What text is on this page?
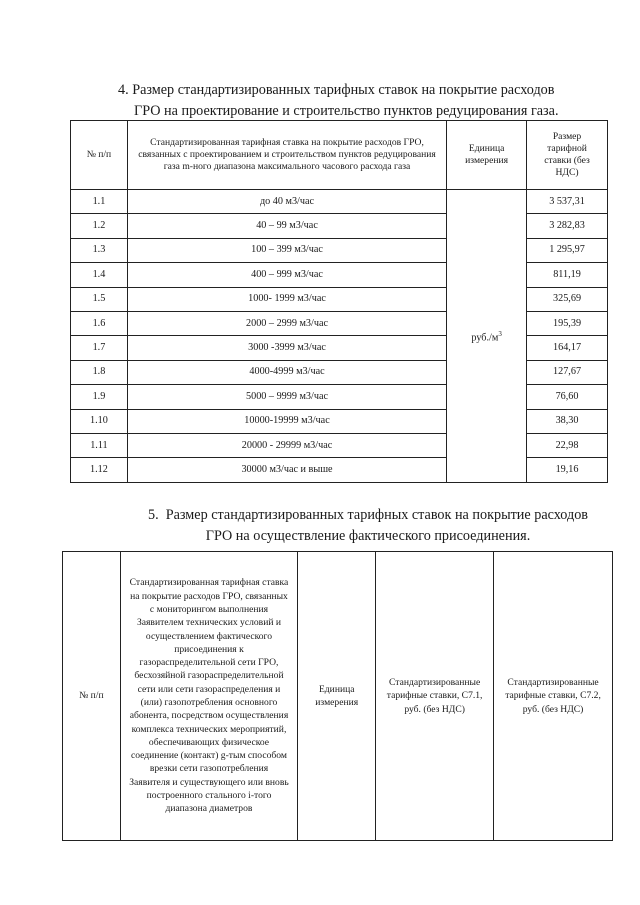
4. Размер стандартизированных тарифных ставок на покрытие расходов
ГРО на проектирование и строительство пунктов редуцирования газа.
№ п/п	Стандартизированная тарифная ставка на покрытие расходов ГРО, связанных с проектированием и строительством пунктов редуцирования газа m-ного диапазона максимального часового расхода газа	Единица измерения	Размер тарифной ставки (без НДС)
1.1	до 40 м3/час	$руб./м^3$	3 537,31
1.2	40 – 99 м3/час		3 282,83
1.3	100 – 399 м3/час		1 295,97
1.4	400 – 999 м3/час		811,19
1.5	1000- 1999 м3/час		325,69
1.6	2000 – 2999 м3/час		195,39
1.7	3000 -3999 м3/час		164,17
1.8	4000-4999 м3/час		127,67
1.9	5000 – 9999 м3/час		76,60
1.10	10000-19999 м3/час		38,30
1.11	20000 - 29999 м3/час		22,98
1.12	30000 м3/час и выше		19,16
5. Размер стандартизированных тарифных ставок на покрытие расходов
ГРО на осуществление фактического присоединения.
№ п/п	Стандартизированная тарифная ставка на покрытие расходов ГРО, связанных с мониторингом выполнения Заявителем технических условий и осуществлением фактического присоединения к газораспределительной сети ГРО, бесхозяйной газораспределительной сети или сети газораспределения и (или) газопотребления основного абонента, посредством осуществления комплекса технических мероприятий, обеспечивающих физическое соединение (контакт) g-тым способом врезки сети газопотребления Заявителя и существующего или вновь построенного стального i-того диапазона диаметров	Единица измерения	Стандартизированные тарифные ставки, С7.1, руб. (без НДС)	Стандартизированные тарифные ставки, С7.2, руб. (без НДС)
